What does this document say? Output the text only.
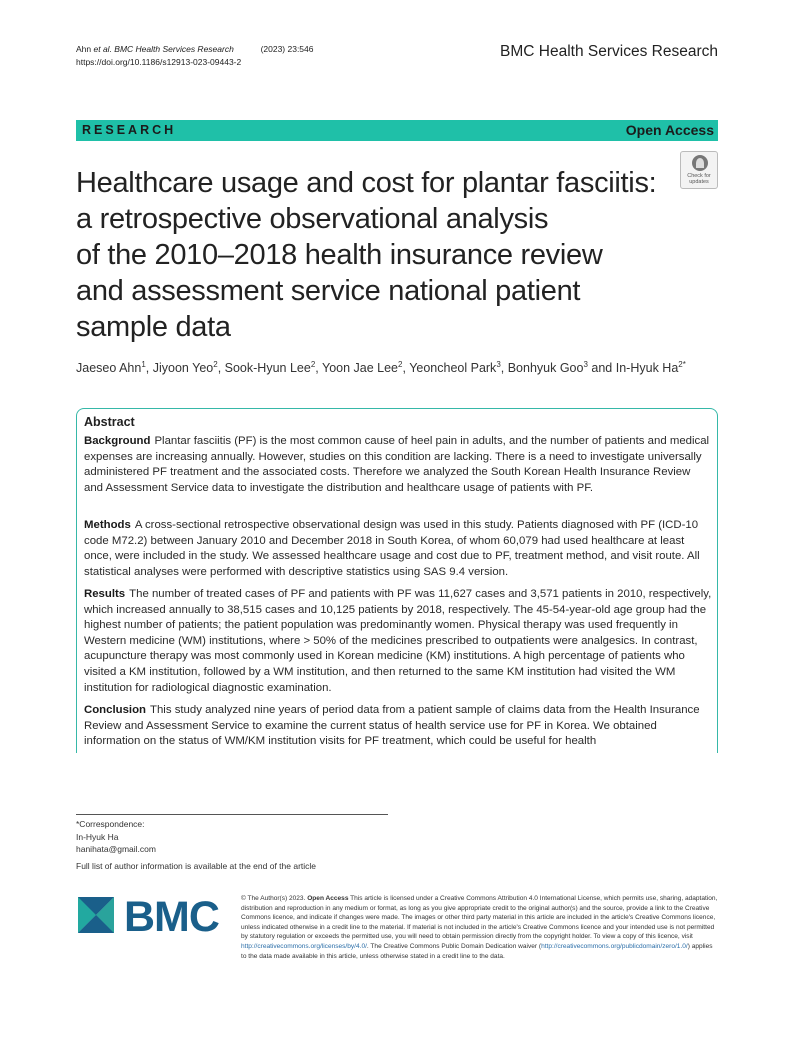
Ahn et al. BMC Health Services Research	(2023) 23:546
https://doi.org/10.1186/s12913-023-09443-2
BMC Health Services Research
RESEARCH	Open Access
Check for
updates
Healthcare usage and cost for plantar fasciitis:
a retrospective observational analysis
of the 2010–2018 health insurance review
and assessment service national patient
sample data
Jaeseo Ahn$^1$, Jiyoon Yeo$^2$, Sook-Hyun Lee$^2$, Yoon Jae Lee$^2$, Yeoncheol Park$^3$, Bonhyuk Goo$^3$ and In-Hyuk $Ha^{2*}$
Abstract

Background Plantar fasciitis (PF) is the most common cause of heel pain in adults, and the number of patients and medical expenses are increasing annually. However, studies on this condition are lacking. There is a need to investigate universally administered PF treatment and the associated costs. Therefore we analyzed the South Korean Health Insurance Review and Assessment Service data to investigate the distribution and healthcare usage of patients with PF.

Methods A cross-sectional retrospective observational design was used in this study. Patients diagnosed with PF (ICD-10 code M72.2) between January 2010 and December 2018 in South Korea, of whom 60,079 had used healthcare at least once, were included in the study. We assessed healthcare usage and cost due to PF, treatment method, and visit route. All statistical analyses were performed with descriptive statistics using SAS 9.4 version.

Results The number of treated cases of PF and patients with PF was 11,627 cases and 3,571 patients in 2010, respectively, which increased annually to 38,515 cases and 10,125 patients by 2018, respectively. The 45-54-year-old age group had the highest number of patients; the patient population was predominantly women. Physical therapy was used frequently in Western medicine (WM) institutions, where > 50% of the medicines prescribed to outpatients were analgesics. In contrast, acupuncture therapy was most commonly used in Korean medicine (KM) institutions. A high percentage of patients who visited a KM institution, followed by a WM institution, and then returned to the same KM institution had visited the WM institution for radiological diagnostic examination.

Conclusion This study analyzed nine years of period data from a patient sample of claims data from the Health Insurance Review and Assessment Service to examine the current status of health service use for PF in Korea. We obtained information on the status of WM/KM institution visits for PF treatment, which could be useful for health

*Correspondence:
In-Hyuk Ha
hanihata@gmail.com
Full list of author information is available at the end of the article
BMC	© The Author(s) 2023. Open Access This article is licensed under a Creative Commons Attribution 4.0 International License, which permits use, sharing, adaptation, distribution and reproduction in any medium or format, as long as you give appropriate credit to the original author(s) and the source, provide a link to the Creative Commons licence, and indicate if changes were made. The images or other third party material in this article are included in the article's Creative Commons licence, unless indicated otherwise in a credit line to the material. If material is not included in the article's Creative Commons licence and your intended use is not permitted by statutory regulation or exceeds the permitted use, you will need to obtain permission directly from the copyright holder. To view a copy of this licence, visit http://creativecommons.org/licenses/by/4.0/. The Creative Commons Public Domain Dedication waiver (http://creativecommons.org/publicdomain/zero/1.0/) applies to the data made available in this article, unless otherwise stated in a credit line to the data.
